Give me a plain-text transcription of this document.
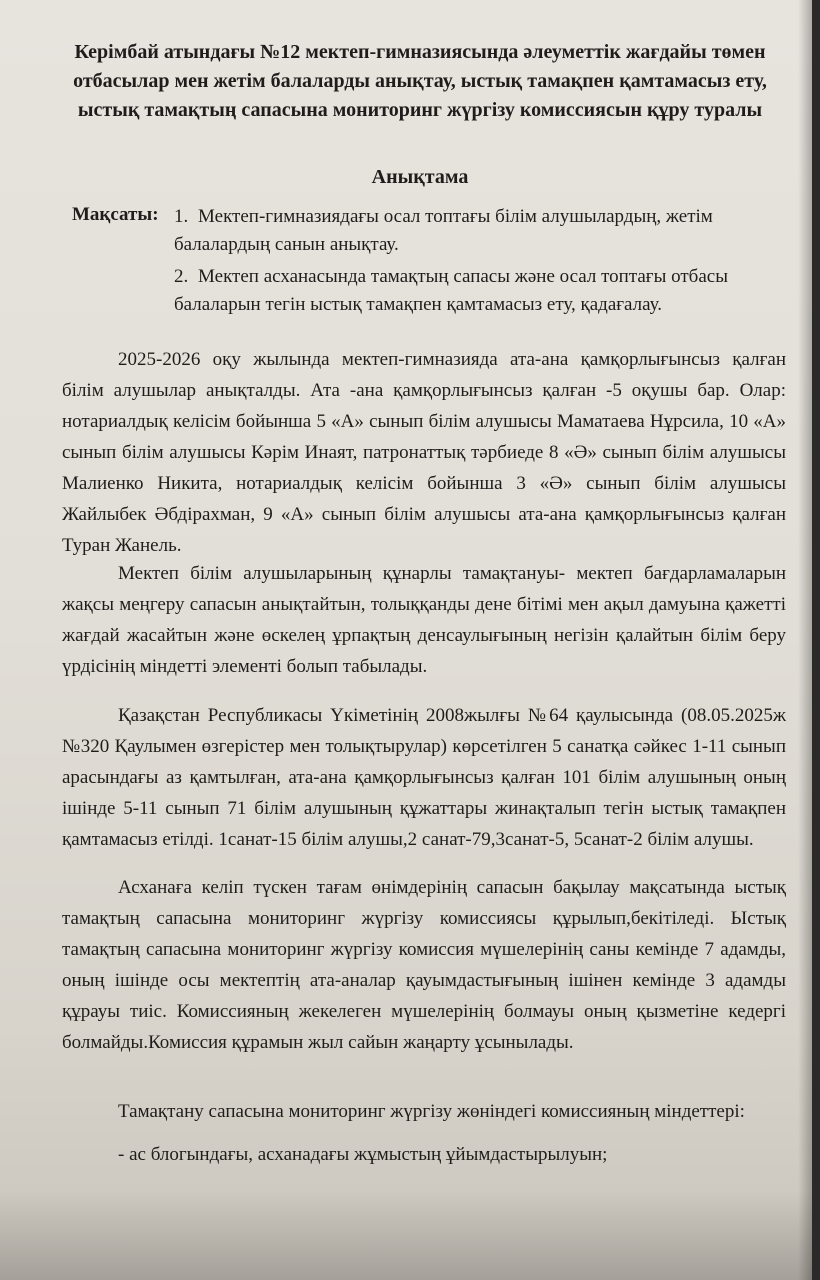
Керімбай атындағы №12 мектеп-гимназиясында әлеуметтік жағдайы төмен отбасылар мен жетім балаларды анықтау, ыстық тамақпен қамтамасыз ету, ыстық тамақтың сапасына мониторинг жүргізу комиссиясын құру туралы
Анықтама
Мақсаты: 1. Мектеп-гимназиядағы осал топтағы білім алушылардың, жетім балалардың санын анықтау.
2. Мектеп асханасында тамақтың сапасы және осал топтағы отбасы балаларын тегін ыстық тамақпен қамтамасыз ету, қадағалау.
2025-2026 оқу жылында мектеп-гимназияда ата-ана қамқорлығынсыз қалған білім алушылар анықталды. Ата -ана қамқорлығынсыз қалған -5 оқушы бар. Олар: нотариалдық келісім бойынша 5 «А» сынып білім алушысы Маматаева Нұрсила, 10 «А» сынып білім алушысы Кәрім Инаят, патронаттық тәрбиеде 8 «Ә» сынып білім алушысы Малиенко Никита, нотариалдық келісім бойынша 3 «Ә» сынып білім алушысы Жайлыбек Әбдірахман, 9 «А» сынып білім алушысы ата-ана қамқорлығынсыз қалған Туран Жанель.
Мектеп білім алушыларының құнарлы тамақтануы- мектеп бағдарламаларын жақсы меңгеру сапасын анықтайтын, толыққанды дене бітімі мен ақыл дамуына қажетті жағдай жасайтын және өскелең ұрпақтың денсаулығының негізін қалайтын білім беру үрдісінің міндетті элементі болып табылады.
Қазақстан Республикасы Үкіметінің 2008жылғы №64 қаулысында (08.05.2025ж №320 Қаулымен өзгерістер мен толықтырулар) көрсетілген 5 санатқа сәйкес 1-11 сынып арасындағы аз қамтылған, ата-ана қамқорлығынсыз қалған 101 білім алушының оның ішінде 5-11 сынып 71 білім алушының құжаттары жинақталып тегін ыстық тамақпен қамтамасыз етілді. 1санат-15 білім алушы,2 санат-79,3санат-5, 5санат-2 білім алушы.
Асханаға келіп түскен тағам өнімдерінің сапасын бақылау мақсатында ыстық тамақтың сапасына мониторинг жүргізу комиссиясы құрылып,бекітіледі. Ыстық тамақтың сапасына мониторинг жүргізу комиссия мүшелерінің саны кемінде 7 адамды, оның ішінде осы мектептің ата-аналар қауымдастығының ішінен кемінде 3 адамды құрауы тиіс. Комиссияның жекелеген мүшелерінің болмауы оның қызметіне кедергі болмайды.Комиссия құрамын жыл сайын жаңарту ұсынылады.
Тамақтану сапасына мониторинг жүргізу жөніндегі комиссияның міндеттері:
- ас блогындағы, асханадағы жұмыстың ұйымдастырылуын;
